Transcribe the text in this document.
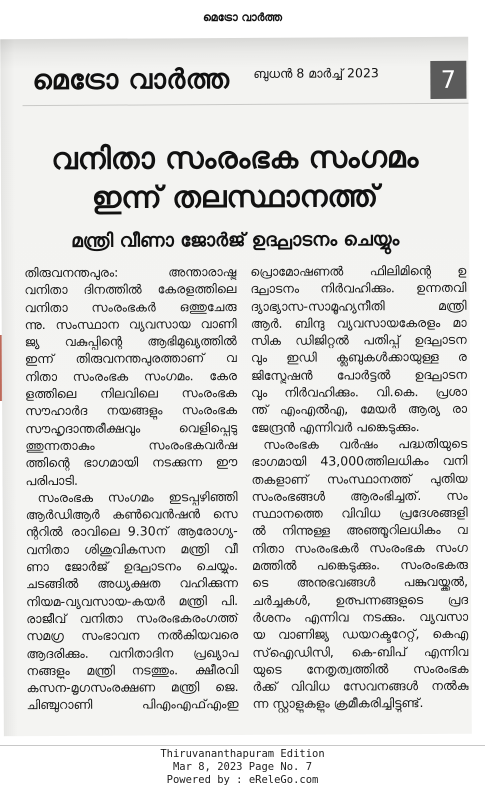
മെട്രോ വാർത്ത
മെട്രോ വാർത്ത ബുധൻ 8 മാർച്ച് 2023	7
വനിതാ സംരംഭക സംഗമം
ഇന്ന് തലസ്ഥാനത്ത്
മന്ത്രി വീണാ ജോർജ് ഉദ്ഘാടനം ചെയ്യും
തിരുവനന്തപുരം: അന്താരാഷ്ട്ര
വനിതാ ദിനത്തിൽ കേരളത്തിലെ
വനിതാ സംരംഭകർ ഒത്തുചേരു
ന്നു. സംസ്ഥാന വ്യവസായ വാണി
ജ്യ വകുപ്പിന്റെ ആഭിമുഖ്യത്തിൽ
ഇന്ന് തിരുവനന്തപുരത്താണ് വ
നിതാ സംരംഭക സംഗമം. കേര
ളത്തിലെ നിലവിലെ സംരംഭക
സൗഹാർദ നയങ്ങളും സംരംഭക
സൗഹൃദാന്തരീക്ഷവും വെളിപ്പെടു
ത്തുന്നതാകും സംരംഭകവർഷ
ത്തിന്റെ ഭാഗമായി നടക്കുന്ന ഈ
പരിപാടി.
സംരംഭക സംഗമം ഇടപ്പഴിഞ്ഞി
ആർഡിആർ കൺവെൻഷൻ സെ
ന്ററിൽ രാവിലെ 9.30ന് ആരോഗ്യ-
വനിതാ ശിശുവികസന മന്ത്രി വീ
ണാ ജോർജ് ഉദ്ഘാടനം ചെയ്യും.
ചടങ്ങിൽ അധ്യക്ഷത വഹിക്കുന്ന
നിയമ-വ്യവസായ-കയർ മന്ത്രി പി.
രാജീവ് വനിതാ സംരംഭകരംഗത്ത്
സമഗ്ര സംഭാവന നൽകിയവരെ
ആദരിക്കും. വനിതാദിന പ്രഖ്യാപ
നങ്ങളും മന്ത്രി നടത്തും. ക്ഷീരവി
കസന-മൃഗസംരക്ഷണ മന്ത്രി ജെ.
ചിഞ്ചുറാണി പിഎംഎഫ്എംഇ
പ്രൊമോഷണൽ ഫിലിമിന്റെ ഉ
ദ്ഘാടനം നിർവഹിക്കും. ഉന്നതവി
ദ്യാഭ്യാസ-സാമൂഹ്യനീതി മന്ത്രി
ആർ. ബിന്ദു വ്യവസായകേരളം മാ
സിക ഡിജിറ്റൽ പതിപ്പ് ഉദ്ഘാടന
വും ഇഡി ക്ലബുകൾക്കായുള്ള ര
ജിസ്ട്രേഷൻ പോർട്ടൽ ഉദ്ഘാടന
വും നിർവഹിക്കും. വി.കെ. പ്രശാ
ന്ത് എംഎൽഎ, മേയർ ആര്യ രാ
ജേന്ദ്രൻ എന്നിവർ പങ്കെടുക്കും.
സംരംഭക വർഷം പദ്ധതിയുടെ
ഭാഗമായി 43,000ത്തിലധികം വനി
തകളാണ് സംസ്ഥാനത്ത് പുതിയ
സംരംഭങ്ങൾ ആരംഭിച്ചത്. സം
സ്ഥാനത്തെ വിവിധ പ്രദേശങ്ങളി
ൽ നിന്നുള്ള അഞ്ഞൂറിലധികം വ
നിതാ സംരംഭകർ സംരംഭക സംഗ
മത്തിൽ പങ്കെടുക്കും. സംരംഭകരു
ടെ അനുഭവങ്ങൾ പങ്കുവയ്ക്കൽ,
ചർച്ചകൾ, ഉത്പന്നങ്ങളുടെ പ്രദ
ർശനം എന്നിവ നടക്കും. വ്യവസാ
യ വാണിജ്യ ഡയറക്ടറേറ്റ്, കെഎ
സ്ഐഡിസി, കെ-ബിപ് എന്നിവ
യുടെ നേതൃത്വത്തിൽ സംരംഭക
ർക്ക് വിവിധ സേവനങ്ങൾ നൽകു
ന്ന സ്റ്റാളുകളും ക്രമീകരിച്ചിട്ടുണ്ട്.
Thiruvananthapuram Edition
Mar 8, 2023 Page No. 7
Powered by : eReleGo.com
